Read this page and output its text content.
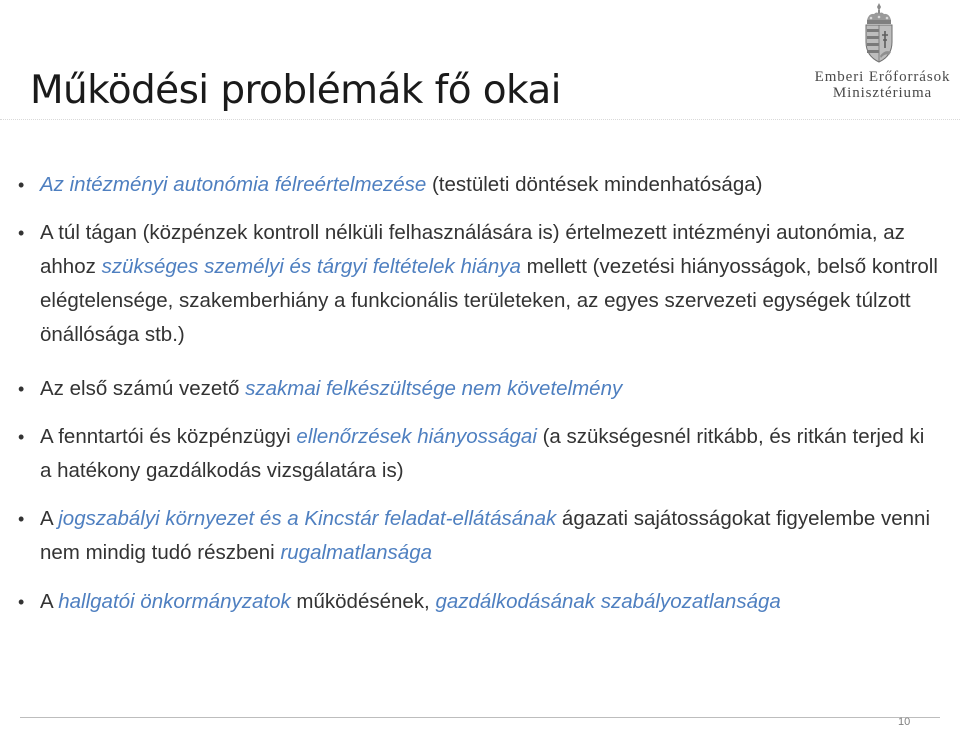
Működési problémák fő okai	Emberi Erőforrások
Minisztériuma
• Az intézményi autonómia félreértelmezése (testületi döntések mindenhatósága)
• A túl tágan (közpénzek kontroll nélküli felhasználására is) értelmezett intézményi autonómia, az ahhoz szükséges személyi és tárgyi feltételek hiánya mellett (vezetési hiányosságok, belső kontroll elégtelensége, szakemberhiány a funkcionális területeken, az egyes szervezeti egységek túlzott önállósága stb.)
• Az első számú vezető szakmai felkészültsége nem követelmény
• A fenntartói és közpénzügyi ellenőrzések hiányosságai (a szükségesnél ritkább, és ritkán terjed ki a hatékony gazdálkodás vizsgálatára is)
• A jogszabályi környezet és a Kincstár feladat-ellátásának ágazati sajátosságokat figyelembe venni nem mindig tudó részbeni rugalmatlansága
• A hallgatói önkormányzatok működésének, gazdálkodásának szabályozatlansága
10
